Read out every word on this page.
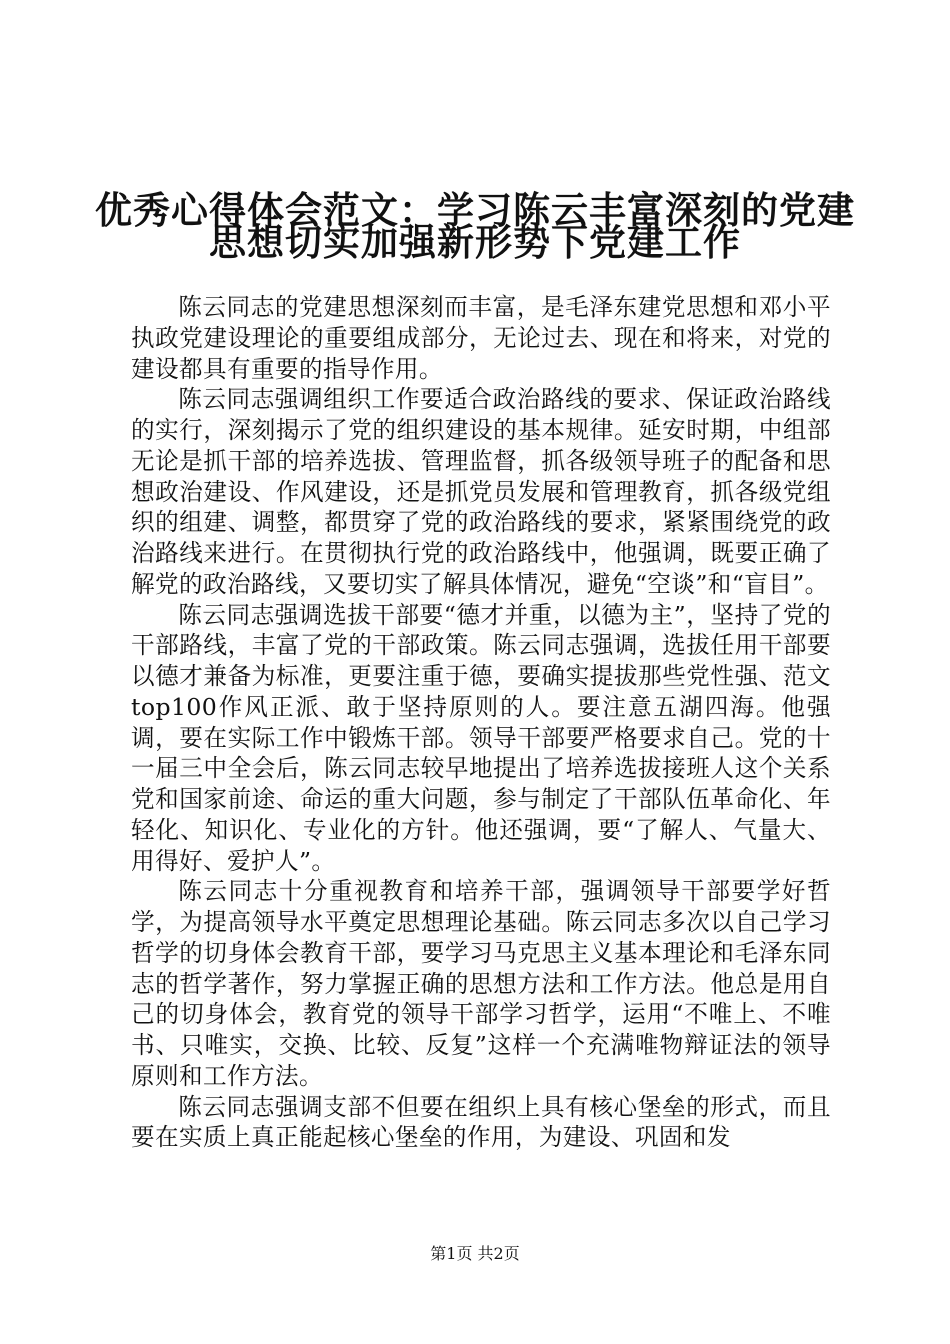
优秀心得体会范文：学习陈云丰富深刻的党建
思想切实加强新形势下党建工作

陈云同志的党建思想深刻而丰富，是毛泽东建党思想和邓小平执政党建设理论的重要组成部分，无论过去、现在和将来，对党的建设都具有重要的指导作用。

陈云同志强调组织工作要适合政治路线的要求、保证政治路线的实行，深刻揭示了党的组织建设的基本规律。延安时期，中组部无论是抓干部的培养选拔、管理监督，抓各级领导班子的配备和思想政治建设、作风建设，还是抓党员发展和管理教育，抓各级党组织的组建、调整，都贯穿了党的政治路线的要求，紧紧围绕党的政治路线来进行。在贯彻执行党的政治路线中，他强调，既要正确了解党的政治路线，又要切实了解具体情况，避免“空谈”和“盲目”。

陈云同志强调选拔干部要“德才并重，以德为主”，坚持了党的干部路线，丰富了党的干部政策。陈云同志强调，选拔任用干部要以德才兼备为标准，更要注重于德，要确实提拔那些党性强、范文top100作风正派、敢于坚持原则的人。要注意五湖四海。他强调，要在实际工作中锻炼干部。领导干部要严格要求自己。党的十一届三中全会后，陈云同志较早地提出了培养选拔接班人这个关系党和国家前途、命运的重大问题，参与制定了干部队伍革命化、年轻化、知识化、专业化的方针。他还强调，要“了解人、气量大、用得好、爱护人”。

陈云同志十分重视教育和培养干部，强调领导干部要学好哲学，为提高领导水平奠定思想理论基础。陈云同志多次以自己学习哲学的切身体会教育干部，要学习马克思主义基本理论和毛泽东同志的哲学著作，努力掌握正确的思想方法和工作方法。他总是用自己的切身体会，教育党的领导干部学习哲学，运用“不唯上、不唯书、只唯实，交换、比较、反复”这样一个充满唯物辩证法的领导原则和工作方法。

陈云同志强调支部不但要在组织上具有核心堡垒的形式，而且要在实质上真正能起核心堡垒的作用，为建设、巩固和发

第1页 共2页
